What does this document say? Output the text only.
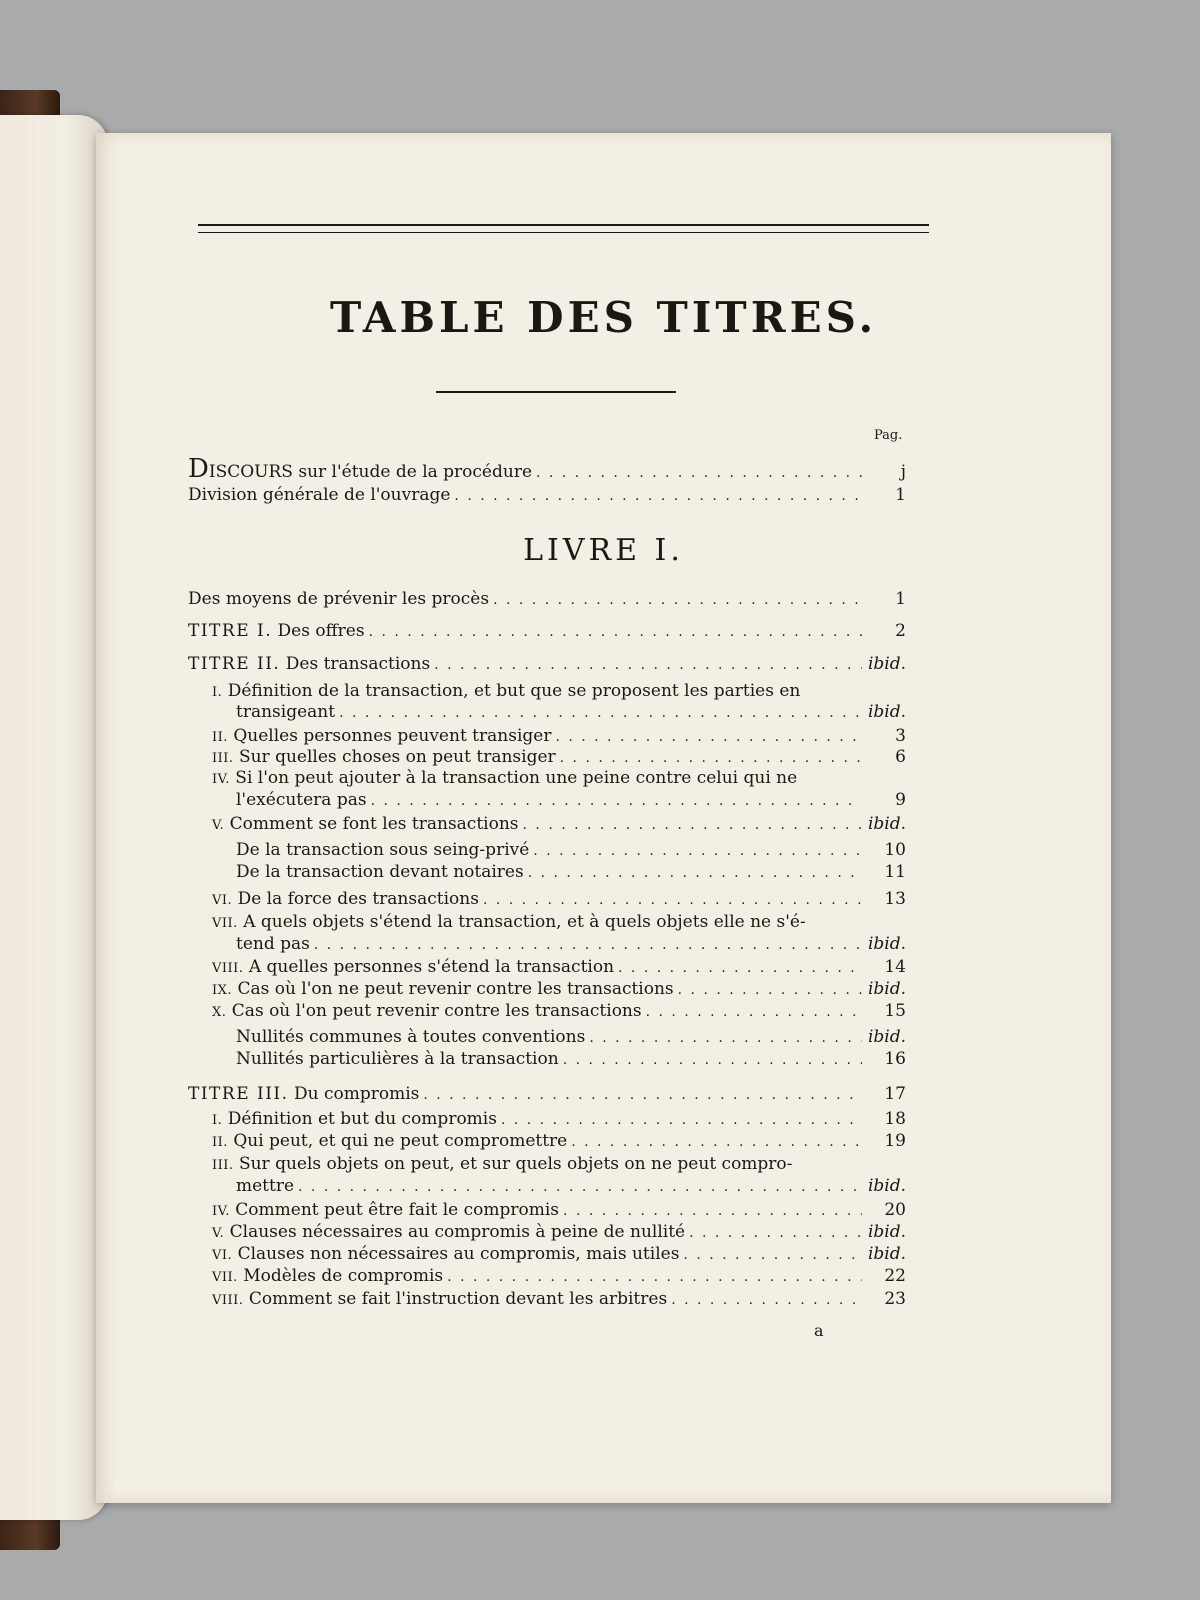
TABLE DES TITRES.
Pag.
DISCOURS sur l'étude de la procédure . . .	j
Division générale de l'ouvrage . . .	1
LIVRE I.
a
Des moyens de prévenir les procès . . .	1
TITRE I. Des offres . . .	2
TITRE II. Des transactions . . .	ibid.
I. Définition de la transaction, et but que se proposent les parties en
transigeant . . .	ibid.
II. Quelles personnes peuvent transiger . . .	3
III. Sur quelles choses on peut transiger . . .	6
IV. Si l'on peut ajouter à la transaction une peine contre celui qui ne
l'exécutera pas . . .	9
V. Comment se font les transactions . . .	ibid.
De la transaction sous seing-privé . . .	10
De la transaction devant notaires . . .	11
VI. De la force des transactions . . .	13
VII. A quels objets s'étend la transaction, et à quels objets elle ne s'é-
tend pas . . .	ibid.
VIII. A quelles personnes s'étend la transaction . . .	14
IX. Cas où l'on ne peut revenir contre les transactions . . .	ibid.
X. Cas où l'on peut revenir contre les transactions . . .	15
Nullités communes à toutes conventions . . .	ibid.
Nullités particulières à la transaction . . .	16
TITRE III. Du compromis . . .	17
I. Définition et but du compromis . . .	18
II. Qui peut, et qui ne peut compromettre . . .	19
III. Sur quels objets on peut, et sur quels objets on ne peut compro-
mettre . . .	ibid.
IV. Comment peut être fait le compromis . . .	20
V. Clauses nécessaires au compromis à peine de nullité . . .	ibid.
VI. Clauses non nécessaires au compromis, mais utiles . . .	ibid.
VII. Modèles de compromis . . .	22
VIII. Comment se fait l'instruction devant les arbitres . . .	23
